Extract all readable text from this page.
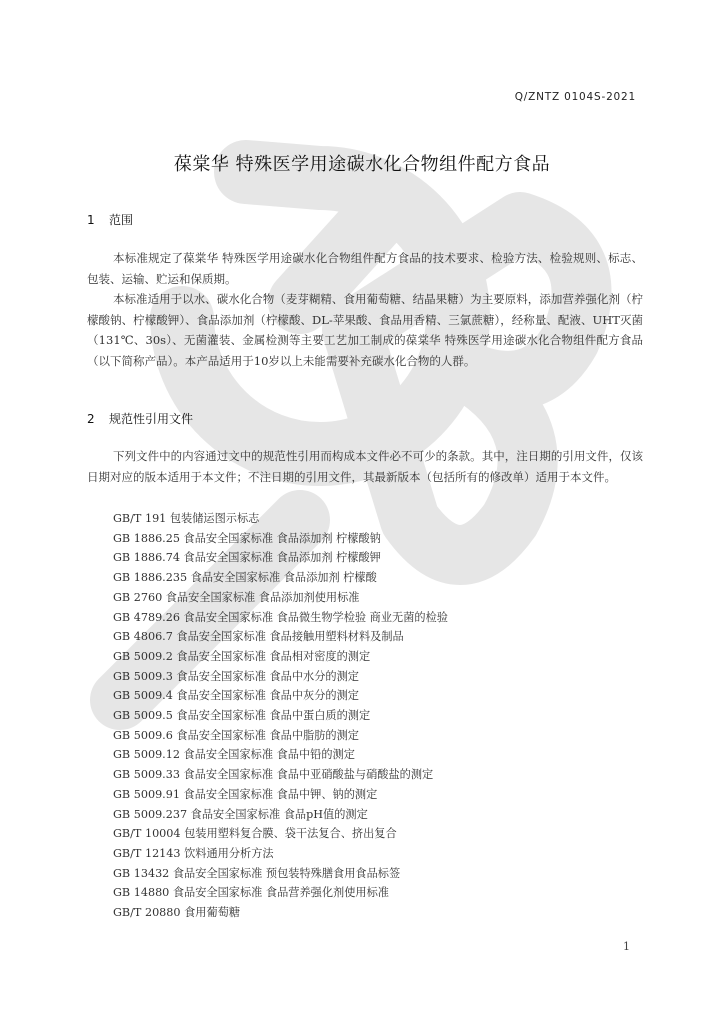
Q/ZNTZ 0104S-2021
葆棠华 特殊医学用途碳水化合物组件配方食品
1 范围
本标准规定了葆棠华 特殊医学用途碳水化合物组件配方食品的技术要求、检验方法、检验规则、标志、包装、运输、贮运和保质期。
本标准适用于以水、碳水化合物（麦芽糊精、食用葡萄糖、结晶果糖）为主要原料，添加营养强化剂（柠檬酸钠、柠檬酸钾）、食品添加剂（柠檬酸、DL-苹果酸、食品用香精、三氯蔗糖），经称量、配液、UHT灭菌（131℃、30s）、无菌灌装、金属检测等主要工艺加工制成的葆棠华 特殊医学用途碳水化合物组件配方食品（以下简称产品）。本产品适用于10岁以上未能需要补充碳水化合物的人群。
2 规范性引用文件
下列文件中的内容通过文中的规范性引用而构成本文件必不可少的条款。其中，注日期的引用文件，仅该日期对应的版本适用于本文件；不注日期的引用文件，其最新版本（包括所有的修改单）适用于本文件。
GB/T 191 包装储运图示标志
GB 1886.25 食品安全国家标准 食品添加剂 柠檬酸钠
GB 1886.74 食品安全国家标准 食品添加剂 柠檬酸钾
GB 1886.235 食品安全国家标准 食品添加剂 柠檬酸
GB 2760 食品安全国家标准 食品添加剂使用标准
GB 4789.26 食品安全国家标准 食品微生物学检验 商业无菌的检验
GB 4806.7 食品安全国家标准 食品接触用塑料材料及制品
GB 5009.2 食品安全国家标准 食品相对密度的测定
GB 5009.3 食品安全国家标准 食品中水分的测定
GB 5009.4 食品安全国家标准 食品中灰分的测定
GB 5009.5 食品安全国家标准 食品中蛋白质的测定
GB 5009.6 食品安全国家标准 食品中脂肪的测定
GB 5009.12 食品安全国家标准 食品中铅的测定
GB 5009.33 食品安全国家标准 食品中亚硝酸盐与硝酸盐的测定
GB 5009.91 食品安全国家标准 食品中钾、钠的测定
GB 5009.237 食品安全国家标准 食品pH值的测定
GB/T 10004 包装用塑料复合膜、袋干法复合、挤出复合
GB/T 12143 饮料通用分析方法
GB 13432 食品安全国家标准 预包装特殊膳食用食品标签
GB 14880 食品安全国家标准 食品营养强化剂使用标准
GB/T 20880 食用葡萄糖
1
